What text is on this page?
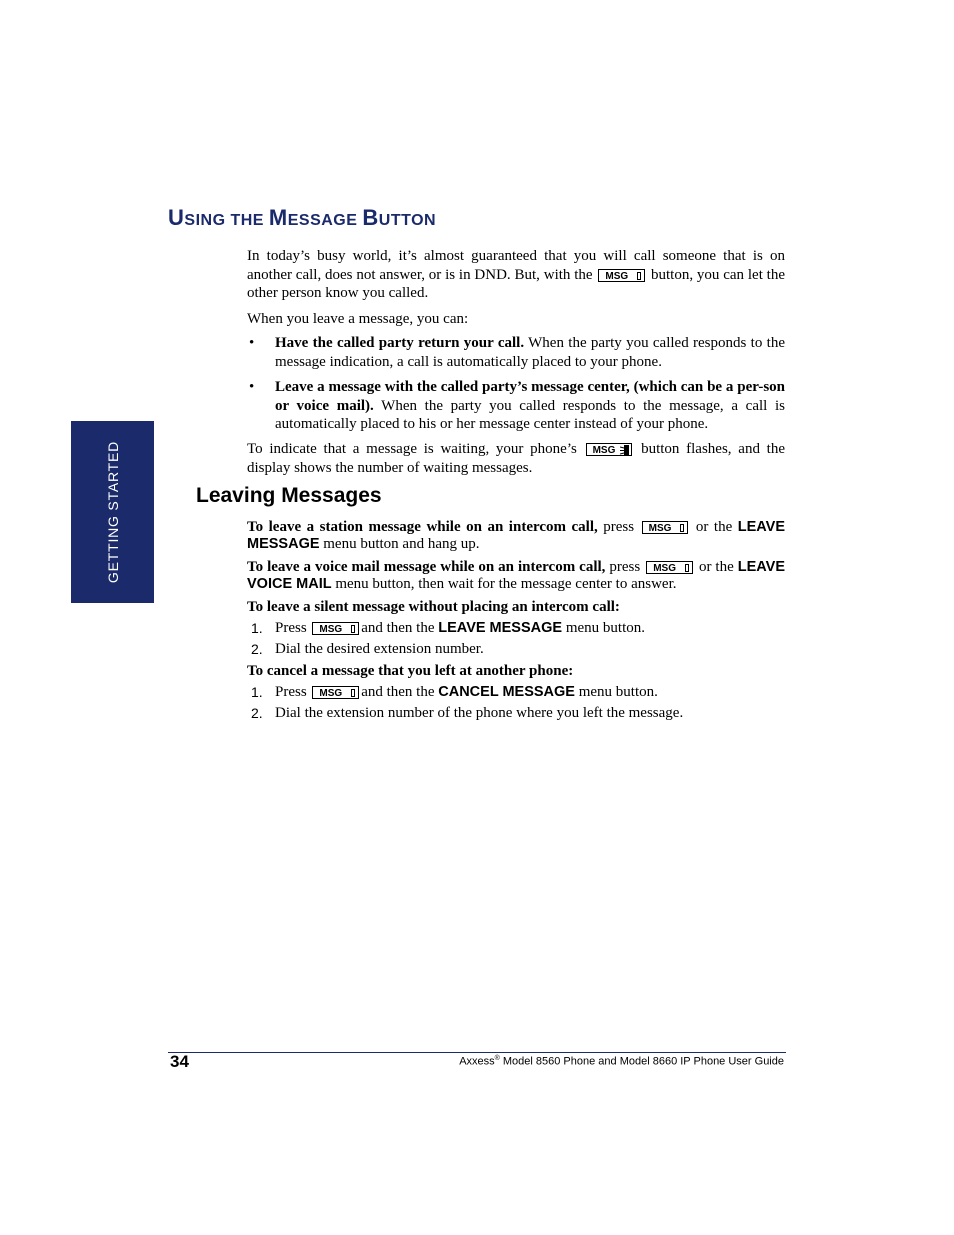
USING THE MESSAGE BUTTON
GETTING STARTED

In today’s busy world, it’s almost guaranteed that you will call someone that is on another call, does not answer, or is in DND. But, with the MSG button, you can let the other person know you called.

When you leave a message, you can:

• Have the called party return your call. When the party you called responds to the message indication, a call is automatically placed to your phone.

• Leave a message with the called party’s message center, (which can be a per-son or voice mail). When the party you called responds to the message, a call is automatically placed to his or her message center instead of your phone.

To indicate that a message is waiting, your phone’s MSG button flashes, and the display shows the number of waiting messages.

Leaving Messages

To leave a station message while on an intercom call, press MSG
or the LEAVE MESSAGE menu button and hang up.

To leave a voice mail message while on an intercom call, press MSG
or the LEAVE VOICE MAIL menu button, then wait for the message center to answer.

To leave a silent message without placing an intercom call:

1. Press MSG and then the LEAVE MESSAGE menu button.

2. Dial the desired extension number.

To cancel a message that you left at another phone:

1. Press MSG and then the CANCEL MESSAGE menu button.

2. Dial the extension number of the phone where you left the message.

34	Axxess® Model 8560 Phone and Model 8660 IP Phone User Guide
